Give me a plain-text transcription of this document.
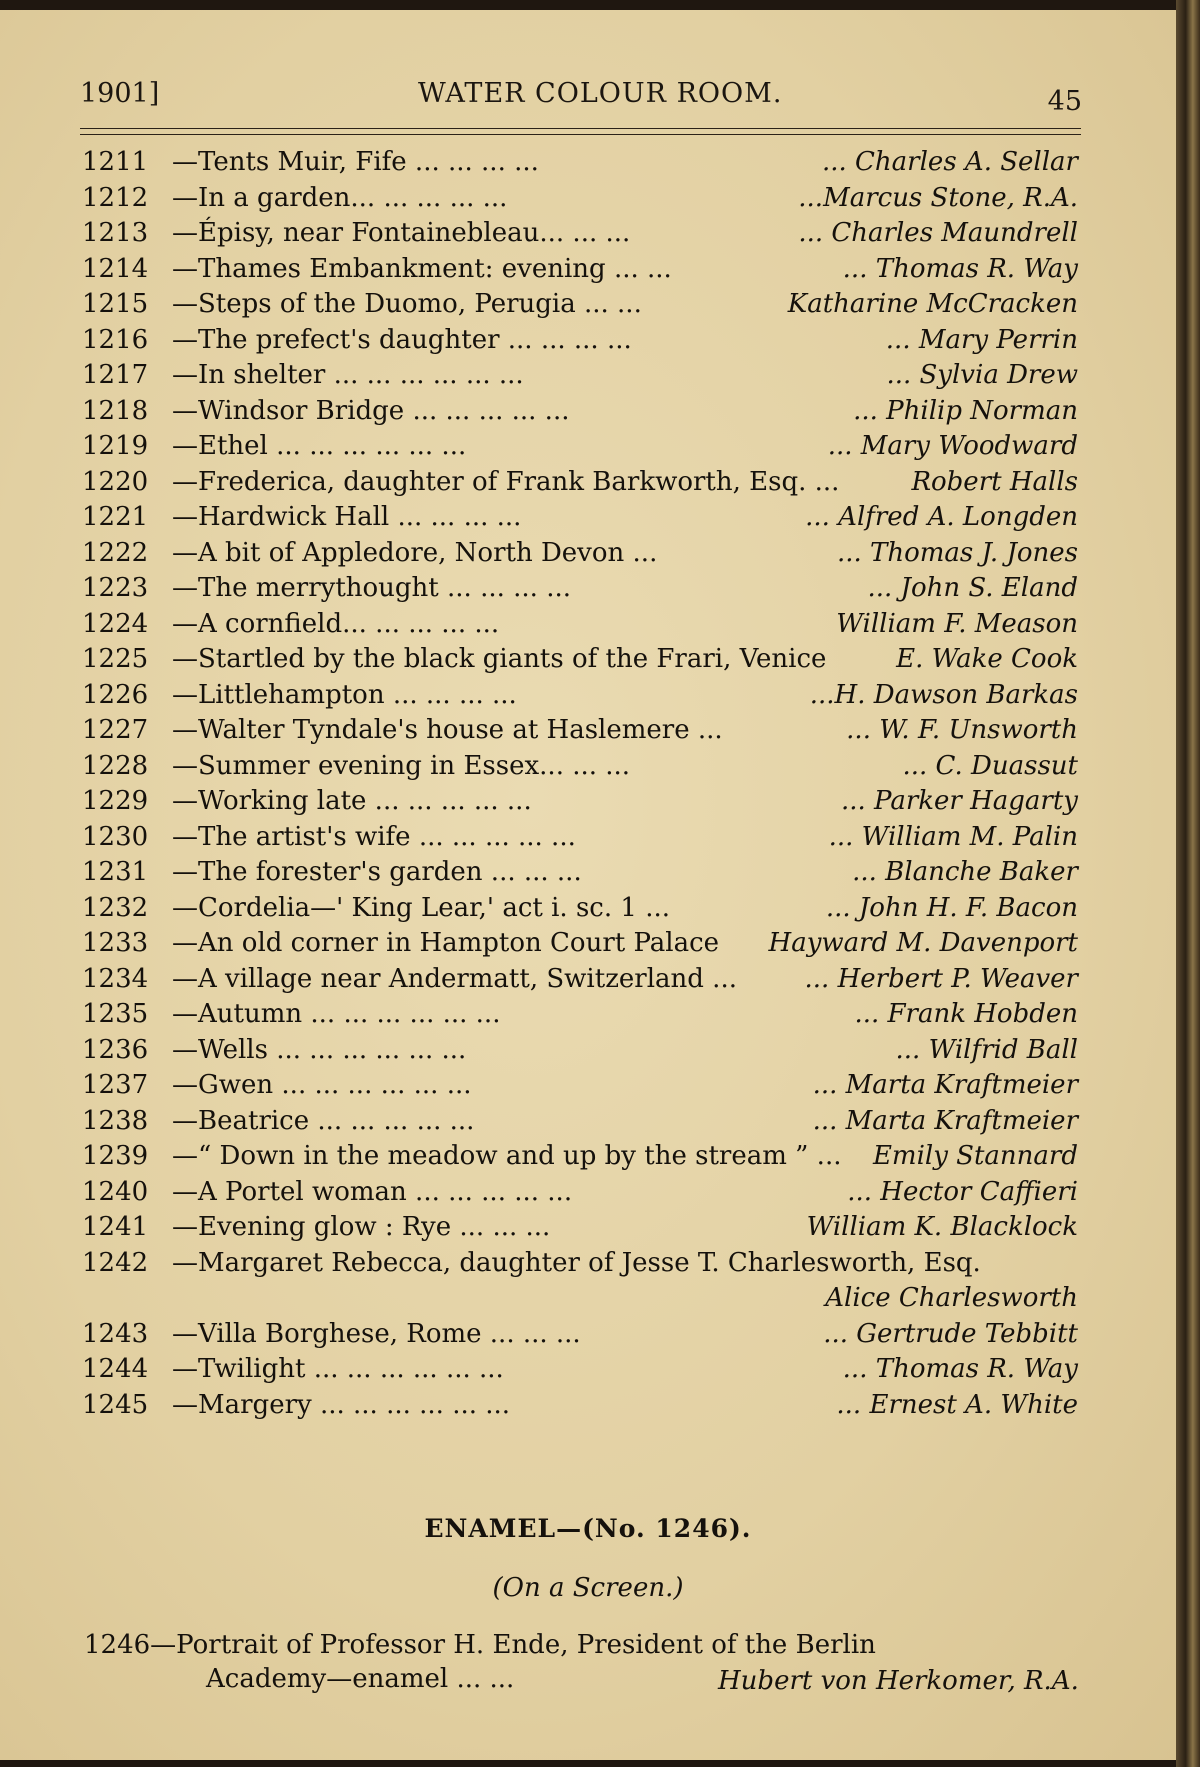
1901]	WATER COLOUR ROOM.	45
1211 —Tents Muir, Fife ... ... ... ...	... Charles A. Sellar
1212 —In a garden... ... ... ... ...	...Marcus Stone, R.A.
1213 —Épisy, near Fontainebleau... ... ...	... Charles Maundrell
1214 —Thames Embankment: evening ... ...	... Thomas R. Way
1215 —Steps of the Duomo, Perugia ... ...	Katharine McCracken
1216 —The prefect's daughter ... ... ... ...	... Mary Perrin
1217 —In shelter ... ... ... ... ... ...	... Sylvia Drew
1218 —Windsor Bridge ... ... ... ... ...	... Philip Norman
1219 —Ethel ... ... ... ... ... ...	... Mary Woodward
1220 —Frederica, daughter of Frank Barkworth, Esq. ...	Robert Halls
1221 —Hardwick Hall ... ... ... ...	... Alfred A. Longden
1222 —A bit of Appledore, North Devon ...	... Thomas J. Jones
1223 —The merrythought ... ... ... ...	... John S. Eland
1224 —A cornfield... ... ... ... ...	William F. Meason
1225 —Startled by the black giants of the Frari, Venice	E. Wake Cook
1226 —Littlehampton ... ... ... ...	...H. Dawson Barkas
1227 —Walter Tyndale's house at Haslemere ...	... W. F. Unsworth
1228 —Summer evening in Essex... ... ...	... C. Duassut
1229 —Working late ... ... ... ... ...	... Parker Hagarty
1230 —The artist's wife ... ... ... ... ...	... William M. Palin
1231 —The forester's garden ... ... ...	... Blanche Baker
1232 —Cordelia—' King Lear,' act i. sc. 1 ...	... John H. F. Bacon
1233 —An old corner in Hampton Court Palace Hayward M. Davenport
1234 —A village near Andermatt, Switzerland ...	... Herbert P. Weaver
1235 —Autumn ... ... ... ... ... ...	... Frank Hobden
1236 —Wells ... ... ... ... ... ...	... Wilfrid Ball
1237 —Gwen ... ... ... ... ... ...	... Marta Kraftmeier
1238 —Beatrice ... ... ... ... ...	... Marta Kraftmeier
1239 —“ Down in the meadow and up by the stream ” ... Emily Stannard
1240 —A Portel woman ... ... ... ... ...	... Hector Caffieri
1241 —Evening glow : Rye ... ... ...	William K. Blacklock
1242 —Margaret Rebecca, daughter of Jesse T. Charlesworth, Esq.
Alice Charlesworth
1243 —Villa Borghese, Rome ... ... ...	... Gertrude Tebbitt
1244 —Twilight ... ... ... ... ... ...	... Thomas R. Way
1245 —Margery ... ... ... ... ... ...	... Ernest A. White
ENAMEL—(No. 1246).
(On a Screen.)
1246—Portrait of Professor H. Ende, President of the Berlin
Academy—enamel ... ...	Hubert von Herkomer, R.A.
